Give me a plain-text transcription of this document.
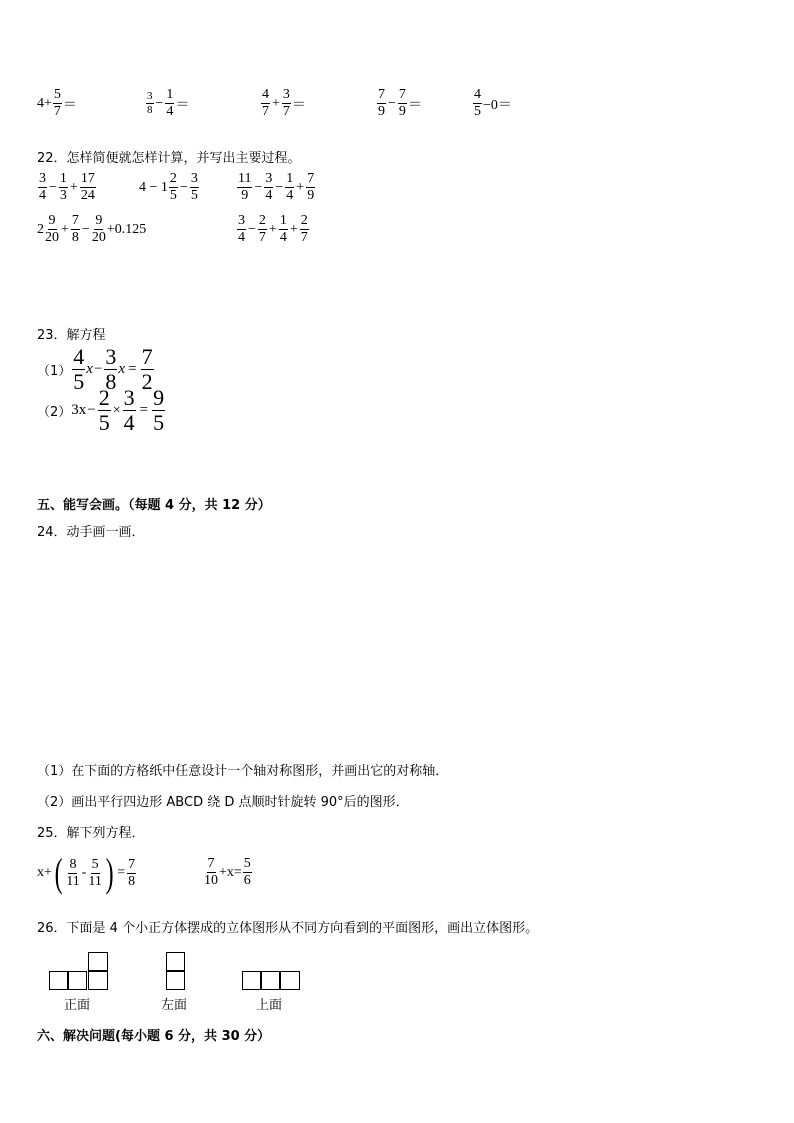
$4+ \frac{5}{7}$ ＝	$\frac{3}{8} - \frac{1}{4}$ ＝	$\frac{4}{7} + \frac{3}{7}$ ＝	$\frac{7}{9} - \frac{7}{9}$ ＝	$\frac{4}{5} -0=$
22．怎样简便就怎样计算，并写出主要过程。
$\frac{3}{4} - \frac{1}{3} + \frac{17}{24}$	$4 - 1 \frac{2}{5} - \frac{3}{5}$	$\frac{11}{9} - \frac{3}{4} - \frac{1}{4} + \frac{7}{9}$
$2 \frac{9}{20} + \frac{7}{8} - \frac{9}{20} +0.125$	$\frac{3}{4} - \frac{2}{7} + \frac{1}{4} + \frac{2}{7}$
23．解方程
$(1) \frac{4}{5}$ $x - \frac{3}{8}$ $x = \frac{7}{2}$
（2） $3x - \frac{2}{5} \times \frac{3}{4} = \frac{9}{5}$
五、能写会画。（每题 4 分，共 12 分）
24．动手画一画．
（1）在下面的方格纸中任意设计一个轴对称图形，并画出它的对称轴．
（2）画出平行四边形 ABCD 绕 D 点顺时针旋转 90°后的图形．
25．解下列方程．
x+ ( $\frac{8}{11} - \frac{5}{11}$ ) = $\frac{7}{8}$	$\frac{7}{10} +x= \frac{5}{6}$
26．下面是 4 个小正方体摆成的立体图形从不同方向看到的平面图形，画出立体图形。
正面	左面	上面
六、解决问题(每小题 6 分，共 30 分）
